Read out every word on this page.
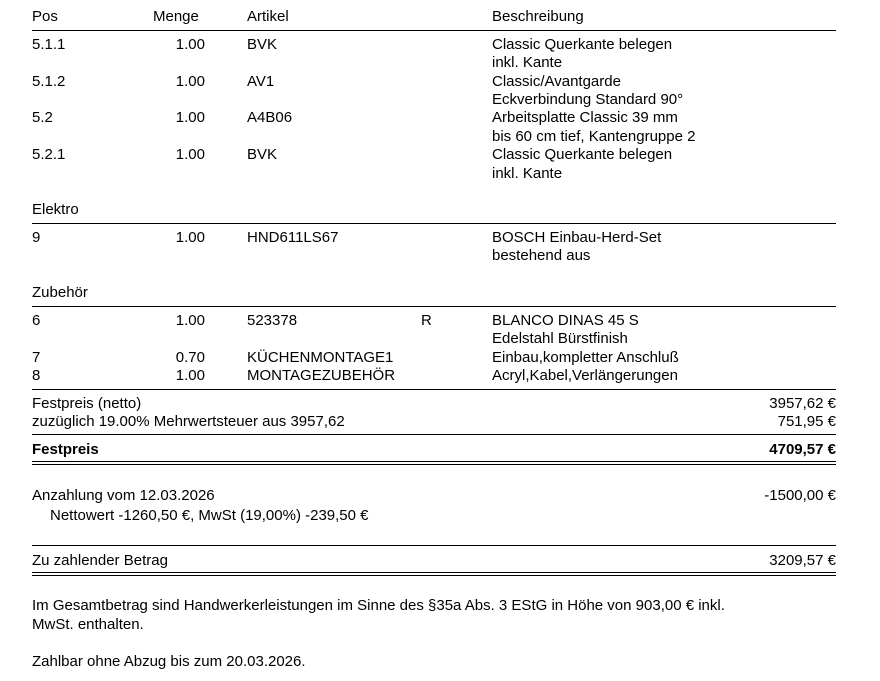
Pos	Menge	Artikel	Beschreibung
5.1.1	1.00	BVK	Classic Querkante belegen
inkl. Kante
5.1.2	1.00	AV1	Classic/Avantgarde
Eckverbindung Standard 90°
5.2	1.00	A4B06	Arbeitsplatte Classic 39 mm
bis 60 cm tief, Kantengruppe 2
5.2.1	1.00	BVK	Classic Querkante belegen
inkl. Kante
Elektro
9	1.00	HND611LS67	BOSCH Einbau-Herd-Set
bestehend aus
Zubehör
6	1.00	523378	R	BLANCO DINAS 45 S
Edelstahl Bürstfinish
7	0.70	KÜCHENMONTAGE1	Einbau,kompletter Anschluß
8	1.00	MONTAGEZUBEHÖR	Acryl,Kabel,Verlängerungen
Festpreis (netto)	3957,62 €
zuzüglich 19.00% Mehrwertsteuer aus 3957,62	751,95 €
Festpreis	4709,57 €
Anzahlung vom 12.03.2026	-1500,00 €
Nettowert -1260,50 €, MwSt (19,00%) -239,50 €
Zu zahlender Betrag	3209,57 €
Im Gesamtbetrag sind Handwerkerleistungen im Sinne des §35a Abs. 3 EStG in Höhe von 903,00 € inkl.
MwSt. enthalten.
Zahlbar ohne Abzug bis zum 20.03.2026.
